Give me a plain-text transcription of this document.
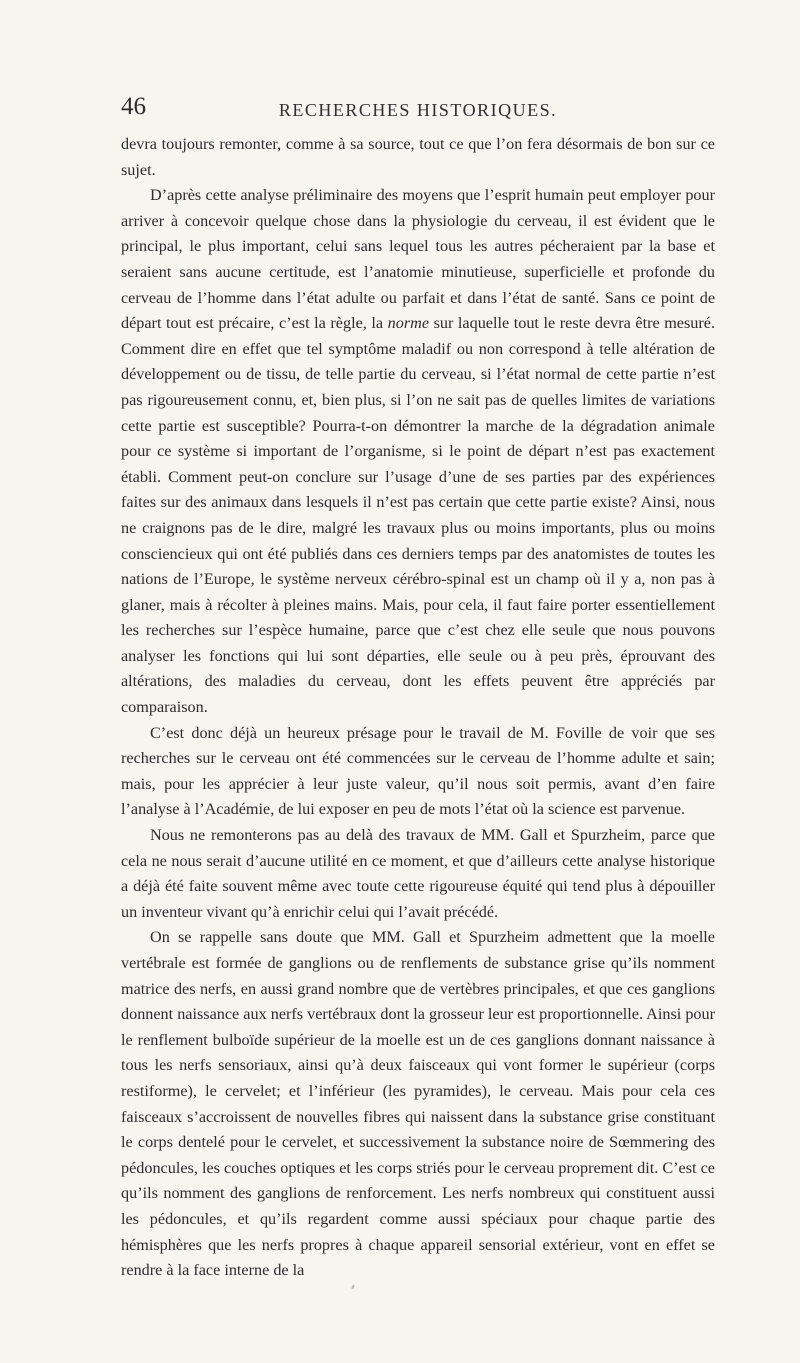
46	RECHERCHES HISTORIQUES.

devra toujours remonter, comme à sa source, tout ce que l’on fera désormais de bon sur ce sujet.

D’après cette analyse préliminaire des moyens que l’esprit humain peut employer pour arriver à concevoir quelque chose dans la physiologie du cerveau, il est évident que le principal, le plus important, celui sans lequel tous les autres pécheraient par la base et seraient sans aucune certitude, est l’anatomie minutieuse, superficielle et profonde du cerveau de l’homme dans l’état adulte ou parfait et dans l’état de santé. Sans ce point de départ tout est précaire, c’est la règle, la norme sur laquelle tout le reste devra être mesuré. Comment dire en effet que tel symptôme maladif ou non correspond à telle altération de développement ou de tissu, de telle partie du cerveau, si l’état normal de cette partie n’est pas rigoureusement connu, et, bien plus, si l’on ne sait pas de quelles limites de variations cette partie est susceptible? Pourra-t-on démontrer la marche de la dégradation animale pour ce système si important de l’organisme, si le point de départ n’est pas exactement établi. Comment peut-on conclure sur l’usage d’une de ses parties par des expériences faites sur des animaux dans lesquels il n’est pas certain que cette partie existe? Ainsi, nous ne craignons pas de le dire, malgré les travaux plus ou moins importants, plus ou moins consciencieux qui ont été publiés dans ces derniers temps par des anatomistes de toutes les nations de l’Europe, le système nerveux cérébro-spinal est un champ où il y a, non pas à glaner, mais à récolter à pleines mains. Mais, pour cela, il faut faire porter essentiellement les recherches sur l’espèce humaine, parce que c’est chez elle seule que nous pouvons analyser les fonctions qui lui sont départies, elle seule ou à peu près, éprouvant des altérations, des maladies du cerveau, dont les effets peuvent être appréciés par comparaison.

C’est donc déjà un heureux présage pour le travail de M. Foville de voir que ses recherches sur le cerveau ont été commencées sur le cerveau de l’homme adulte et sain; mais, pour les apprécier à leur juste valeur, qu’il nous soit permis, avant d’en faire l’analyse à l’Académie, de lui exposer en peu de mots l’état où la science est parvenue.

Nous ne remonterons pas au delà des travaux de MM. Gall et Spurzheim, parce que cela ne nous serait d’aucune utilité en ce moment, et que d’ailleurs cette analyse historique a déjà été faite souvent même avec toute cette rigoureuse équité qui tend plus à dépouiller un inventeur vivant qu’à enrichir celui qui l’avait précédé.

On se rappelle sans doute que MM. Gall et Spurzheim admettent que la moelle vertébrale est formée de ganglions ou de renflements de substance grise qu’ils nomment matrice des nerfs, en aussi grand nombre que de vertèbres principales, et que ces ganglions donnent naissance aux nerfs vertébraux dont la grosseur leur est proportionnelle. Ainsi pour le renflement bulboïde supérieur de la moelle est un de ces ganglions donnant naissance à tous les nerfs sensoriaux, ainsi qu’à deux faisceaux qui vont former le supérieur (corps restiforme), le cervelet; et l’inférieur (les pyramides), le cerveau. Mais pour cela ces faisceaux s’accroissent de nouvelles fibres qui naissent dans la substance grise constituant le corps dentelé pour le cervelet, et successivement la substance noire de Sœmmering des pédoncules, les couches optiques et les corps striés pour le cerveau proprement dit. C’est ce qu’ils nomment des ganglions de renforcement. Les nerfs nombreux qui constituent aussi les pédoncules, et qu’ils regardent comme aussi spéciaux pour chaque partie des hémisphères que les nerfs propres à chaque appareil sensorial extérieur, vont en effet se rendre à la face interne de la
